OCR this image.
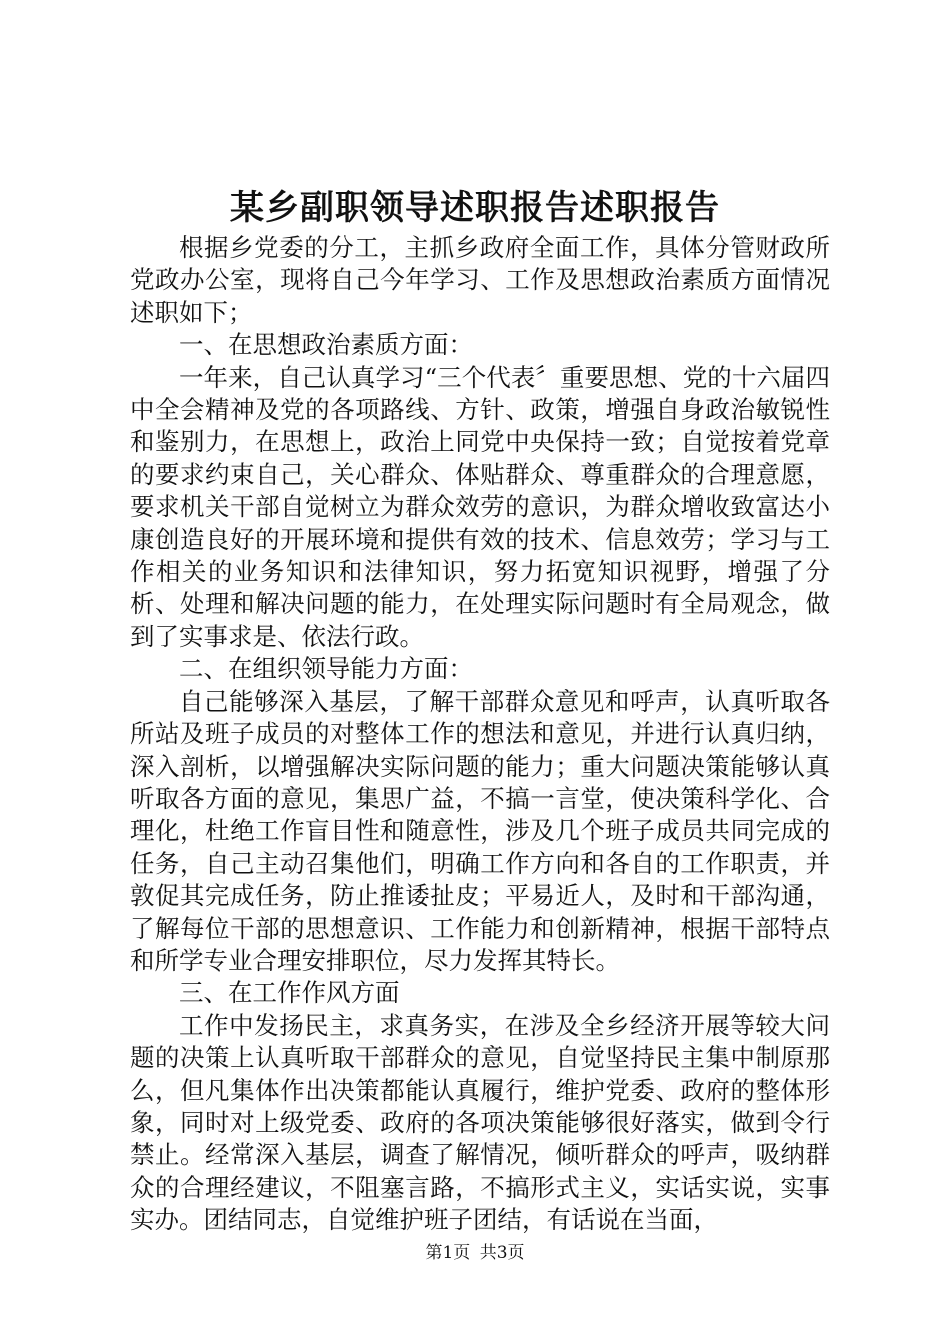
某乡副职领导述职报告述职报告

根据乡党委的分工，主抓乡政府全面工作，具体分管财政所党政办公室，现将自己今年学习、工作及思想政治素质方面情况述职如下；

一、在思想政治素质方面：

一年来，自己认真学习“三个代表〞重要思想、党的十六届四中全会精神及党的各项路线、方针、政策，增强自身政治敏锐性和鉴别力，在思想上，政治上同党中央保持一致；自觉按着党章的要求约束自己，关心群众、体贴群众、尊重群众的合理意愿，要求机关干部自觉树立为群众效劳的意识，为群众增收致富达小康创造良好的开展环境和提供有效的技术、信息效劳；学习与工作相关的业务知识和法律知识，努力拓宽知识视野，增强了分析、处理和解决问题的能力，在处理实际问题时有全局观念，做到了实事求是、依法行政。

二、在组织领导能力方面：

自己能够深入基层，了解干部群众意见和呼声，认真听取各所站及班子成员的对整体工作的想法和意见，并进行认真归纳，深入剖析，以增强解决实际问题的能力；重大问题决策能够认真听取各方面的意见，集思广益，不搞一言堂，使决策科学化、合理化，杜绝工作盲目性和随意性，涉及几个班子成员共同完成的任务，自己主动召集他们，明确工作方向和各自的工作职责，并敦促其完成任务，防止推诿扯皮；平易近人，及时和干部沟通，了解每位干部的思想意识、工作能力和创新精神，根据干部特点和所学专业合理安排职位，尽力发挥其特长。

三、在工作作风方面

工作中发扬民主，求真务实，在涉及全乡经济开展等较大问题的决策上认真听取干部群众的意见，自觉坚持民主集中制原那么，但凡集体作出决策都能认真履行，维护党委、政府的整体形象，同时对上级党委、政府的各项决策能够很好落实，做到令行禁止。经常深入基层，调查了解情况，倾听群众的呼声，吸纳群众的合理经建议，不阻塞言路，不搞形式主义，实话实说，实事实办。团结同志，自觉维护班子团结，有话说在当面，

第1页 共3页
